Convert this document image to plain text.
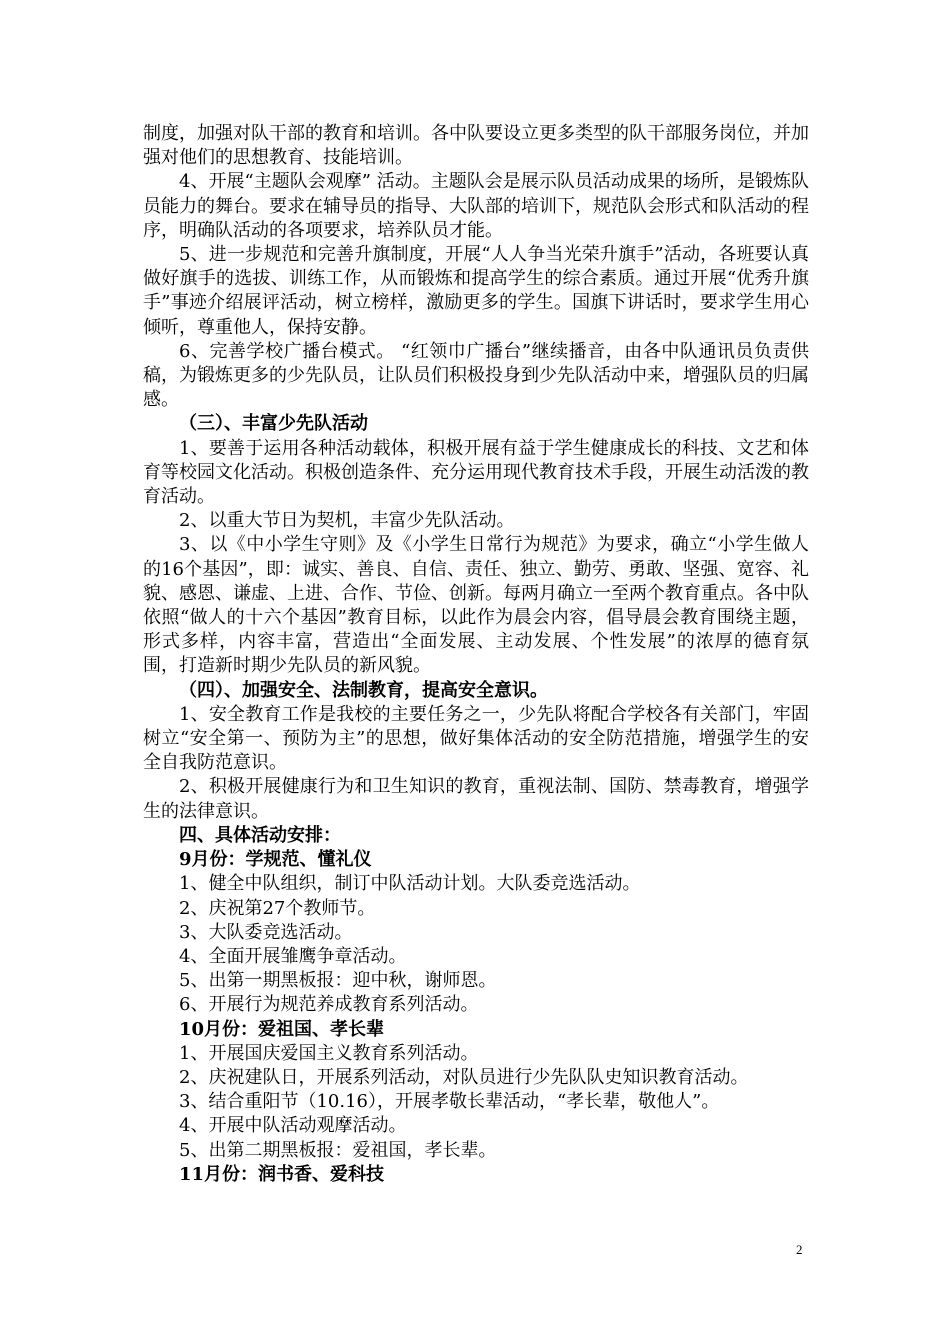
制度，加强对队干部的教育和培训。各中队要设立更多类型的队干部服务岗位，并加强对他们的思想教育、技能培训。

4、开展“主题队会观摩” 活动。主题队会是展示队员活动成果的场所，是锻炼队员能力的舞台。要求在辅导员的指导、大队部的培训下，规范队会形式和队活动的程序，明确队活动的各项要求，培养队员才能。

5、进一步规范和完善升旗制度，开展“人人争当光荣升旗手”活动，各班要认真做好旗手的选拔、训练工作，从而锻炼和提高学生的综合素质。通过开展“优秀升旗手”事迹介绍展评活动，树立榜样，激励更多的学生。国旗下讲话时，要求学生用心倾听，尊重他人，保持安静。

6、完善学校广播台模式。 “红领巾广播台”继续播音，由各中队通讯员负责供稿，为锻炼更多的少先队员，让队员们积极投身到少先队活动中来，增强队员的归属感。

（三）、丰富少先队活动

1、要善于运用各种活动载体，积极开展有益于学生健康成长的科技、文艺和体育等校园文化活动。积极创造条件、充分运用现代教育技术手段，开展生动活泼的教育活动。

2、以重大节日为契机，丰富少先队活动。

3、以《中小学生守则》及《小学生日常行为规范》为要求，确立“小学生做人的16个基因”，即：诚实、善良、自信、责任、独立、勤劳、勇敢、坚强、宽容、礼貌、感恩、谦虚、上进、合作、节俭、创新。每两月确立一至两个教育重点。各中队依照“做人的十六个基因”教育目标，以此作为晨会内容，倡导晨会教育围绕主题，形式多样，内容丰富，营造出“全面发展、主动发展、个性发展”的浓厚的德育氛围，打造新时期少先队员的新风貌。

（四）、加强安全、法制教育，提高安全意识。

1、安全教育工作是我校的主要任务之一，少先队将配合学校各有关部门，牢固树立“安全第一、预防为主”的思想，做好集体活动的安全防范措施，增强学生的安全自我防范意识。

2、积极开展健康行为和卫生知识的教育，重视法制、国防、禁毒教育，增强学生的法律意识。

四、具体活动安排：

9月份：学规范、懂礼仪

1、健全中队组织，制订中队活动计划。大队委竞选活动。

2、庆祝第27个教师节。

3、大队委竞选活动。

4、全面开展雏鹰争章活动。

5、出第一期黑板报：迎中秋，谢师恩。

6、开展行为规范养成教育系列活动。

10月份：爱祖国、孝长辈

1、开展国庆爱国主义教育系列活动。

2、庆祝建队日，开展系列活动，对队员进行少先队队史知识教育活动。

3、结合重阳节（10.16），开展孝敬长辈活动，“孝长辈，敬他人”。

4、开展中队活动观摩活动。

5、出第二期黑板报：爱祖国，孝长辈。

11月份：润书香、爱科技

2
